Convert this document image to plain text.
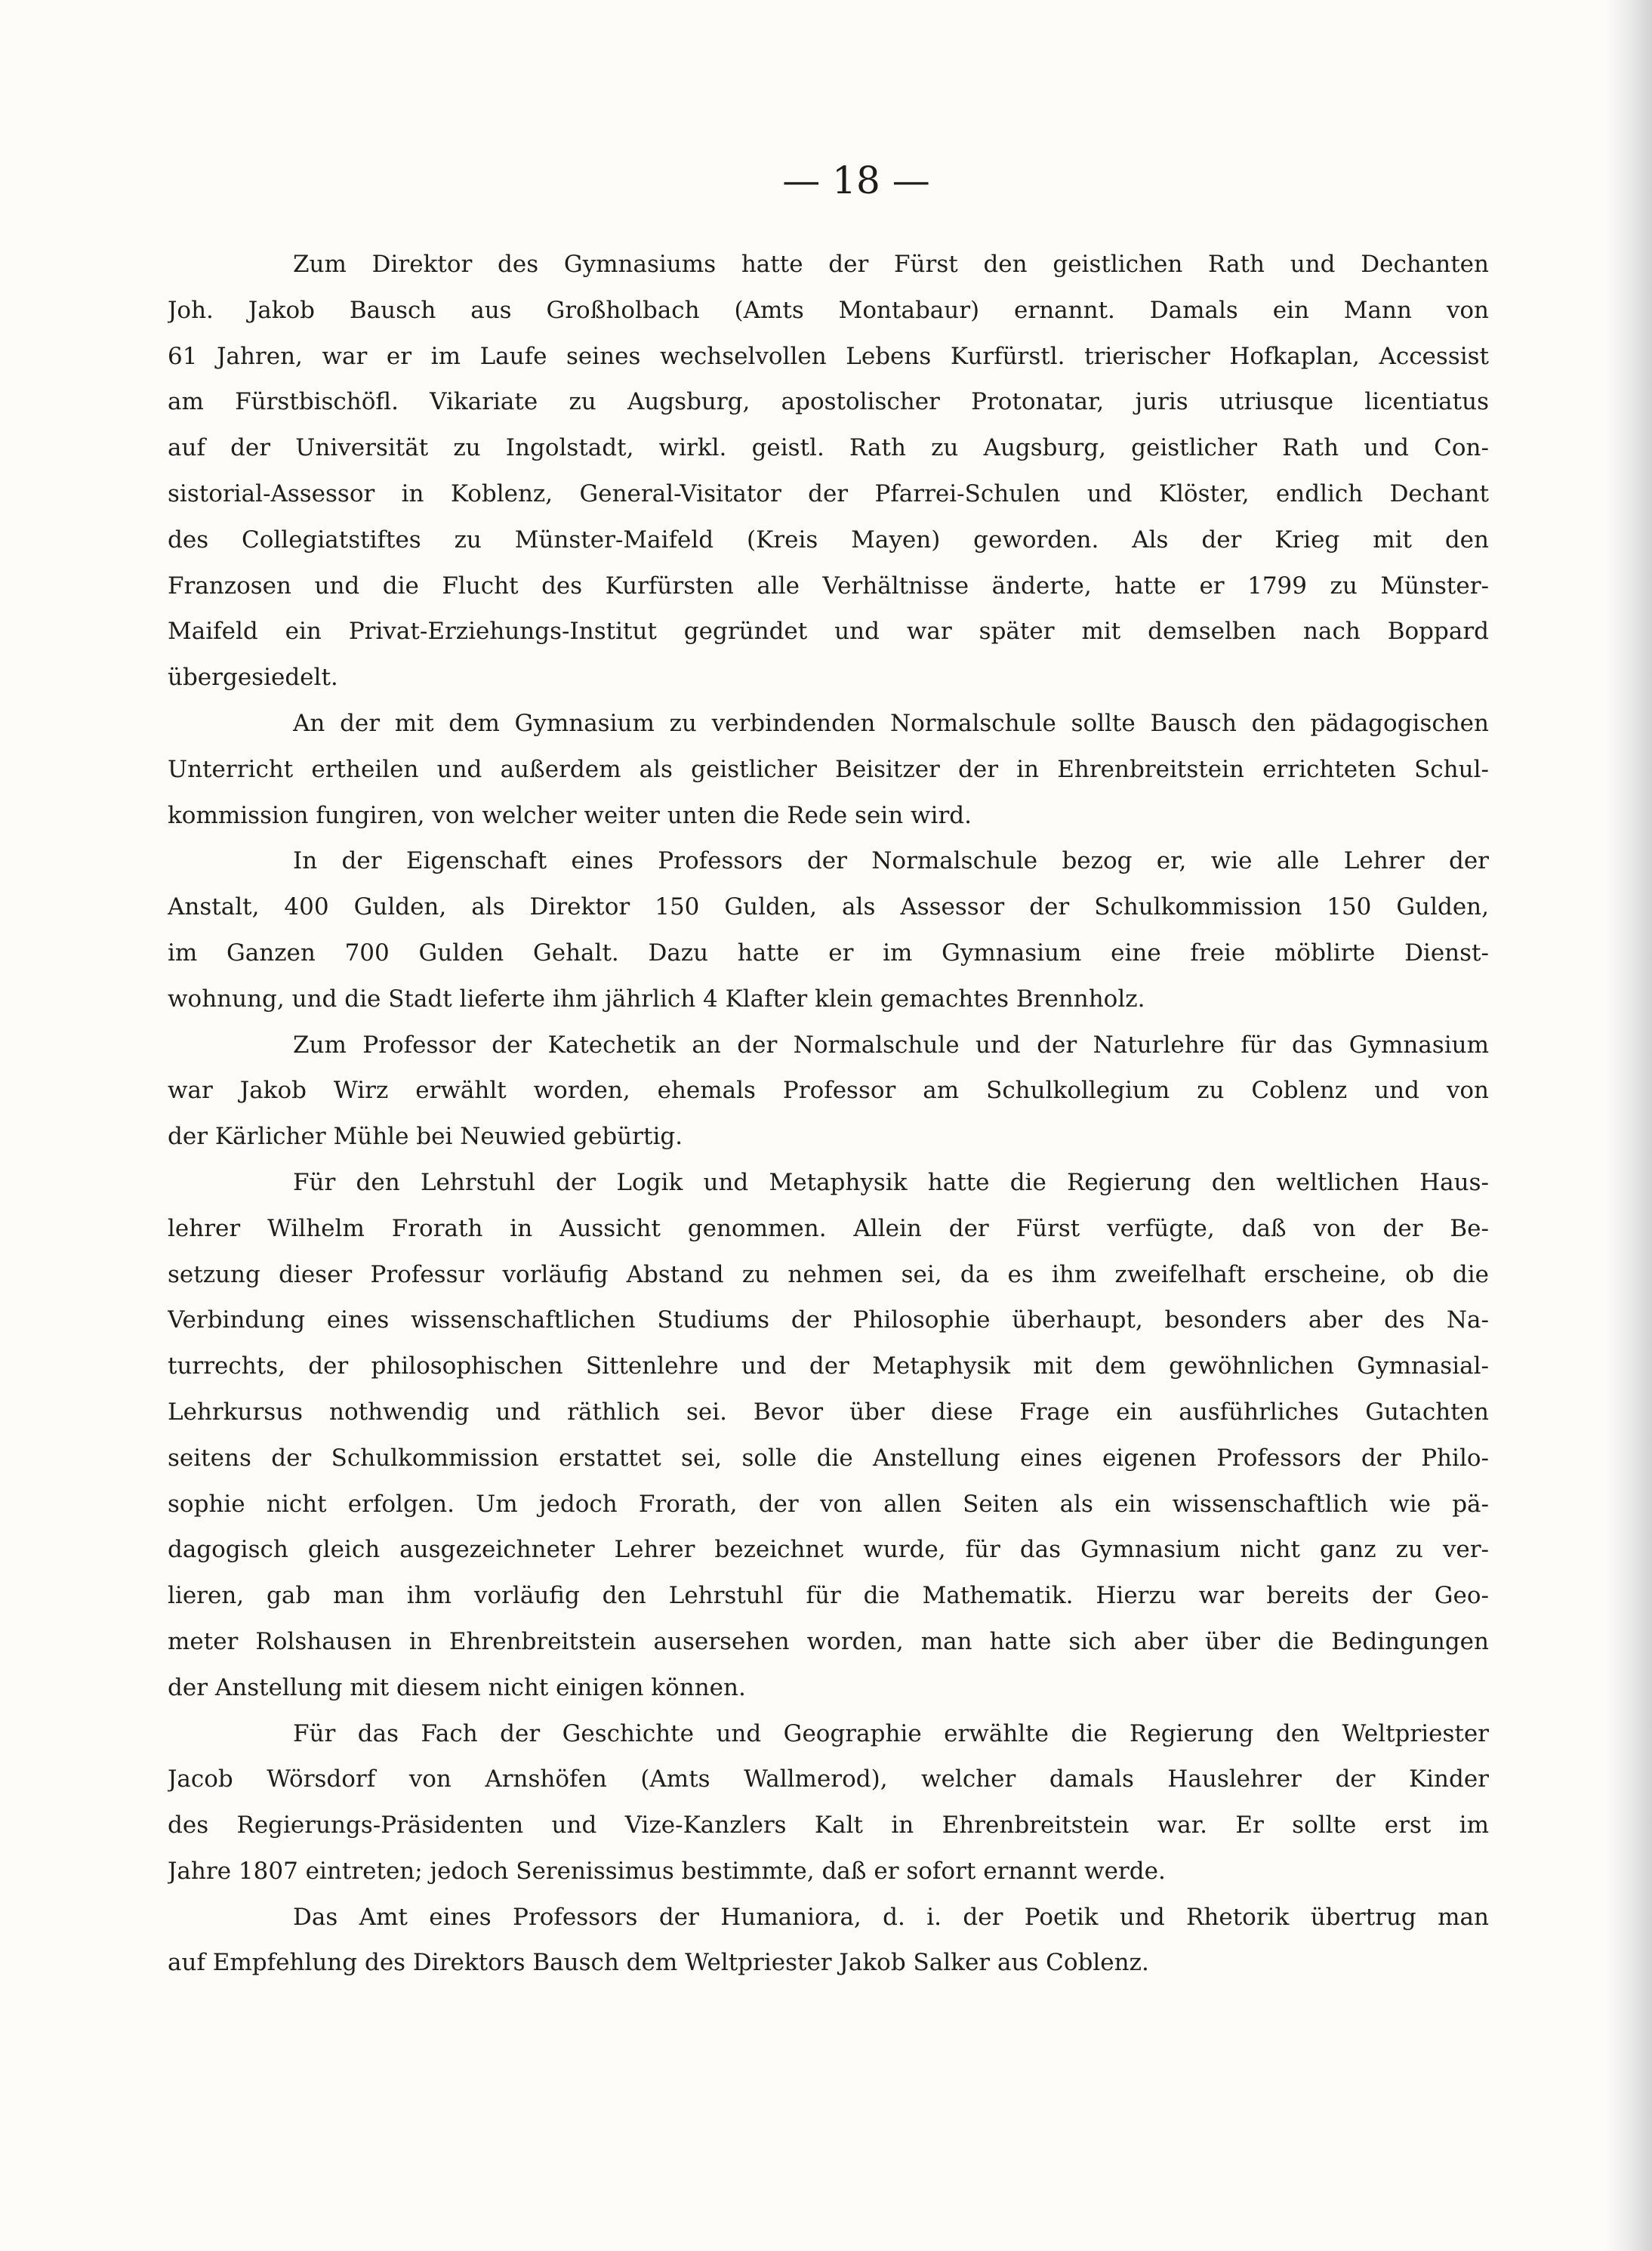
— 18 —
Zum Direktor des Gymnasiums hatte der Fürst den geistlichen Rath und Dechanten
Joh. Jakob Bausch aus Großholbach (Amts Montabaur) ernannt. Damals ein Mann von
61 Jahren, war er im Laufe seines wechselvollen Lebens Kurfürstl. trierischer Hofkaplan, Accessist
am Fürstbischöfl. Vikariate zu Augsburg, apostolischer Protonatar, juris utriusque licentiatus
auf der Universität zu Ingolstadt, wirkl. geistl. Rath zu Augsburg, geistlicher Rath und Con-
sistorial-Assessor in Koblenz, General-Visitator der Pfarrei-Schulen und Klöster, endlich Dechant
des Collegiatstiftes zu Münster-Maifeld (Kreis Mayen) geworden. Als der Krieg mit den
Franzosen und die Flucht des Kurfürsten alle Verhältnisse änderte, hatte er 1799 zu Münster-
Maifeld ein Privat-Erziehungs-Institut gegründet und war später mit demselben nach Boppard
übergesiedelt.
An der mit dem Gymnasium zu verbindenden Normalschule sollte Bausch den pädagogischen
Unterricht ertheilen und außerdem als geistlicher Beisitzer der in Ehrenbreitstein errichteten Schul-
kommission fungiren, von welcher weiter unten die Rede sein wird.
In der Eigenschaft eines Professors der Normalschule bezog er, wie alle Lehrer der
Anstalt, 400 Gulden, als Direktor 150 Gulden, als Assessor der Schulkommission 150 Gulden,
im Ganzen 700 Gulden Gehalt. Dazu hatte er im Gymnasium eine freie möblirte Dienst-
wohnung, und die Stadt lieferte ihm jährlich 4 Klafter klein gemachtes Brennholz.
Zum Professor der Katechetik an der Normalschule und der Naturlehre für das Gymnasium
war Jakob Wirz erwählt worden, ehemals Professor am Schulkollegium zu Coblenz und von
der Kärlicher Mühle bei Neuwied gebürtig.
Für den Lehrstuhl der Logik und Metaphysik hatte die Regierung den weltlichen Haus-
lehrer Wilhelm Frorath in Aussicht genommen. Allein der Fürst verfügte, daß von der Be-
setzung dieser Professur vorläufig Abstand zu nehmen sei, da es ihm zweifelhaft erscheine, ob die
Verbindung eines wissenschaftlichen Studiums der Philosophie überhaupt, besonders aber des Na-
turrechts, der philosophischen Sittenlehre und der Metaphysik mit dem gewöhnlichen Gymnasial-
Lehrkursus nothwendig und räthlich sei. Bevor über diese Frage ein ausführliches Gutachten
seitens der Schulkommission erstattet sei, solle die Anstellung eines eigenen Professors der Philo-
sophie nicht erfolgen. Um jedoch Frorath, der von allen Seiten als ein wissenschaftlich wie pä-
dagogisch gleich ausgezeichneter Lehrer bezeichnet wurde, für das Gymnasium nicht ganz zu ver-
lieren, gab man ihm vorläufig den Lehrstuhl für die Mathematik. Hierzu war bereits der Geo-
meter Rolshausen in Ehrenbreitstein ausersehen worden, man hatte sich aber über die Bedingungen
der Anstellung mit diesem nicht einigen können.
Für das Fach der Geschichte und Geographie erwählte die Regierung den Weltpriester
Jacob Wörsdorf von Arnshöfen (Amts Wallmerod), welcher damals Hauslehrer der Kinder
des Regierungs-Präsidenten und Vize-Kanzlers Kalt in Ehrenbreitstein war. Er sollte erst im
Jahre 1807 eintreten; jedoch Serenissimus bestimmte, daß er sofort ernannt werde.
Das Amt eines Professors der Humaniora, d. i. der Poetik und Rhetorik übertrug man
auf Empfehlung des Direktors Bausch dem Weltpriester Jakob Salker aus Coblenz.
